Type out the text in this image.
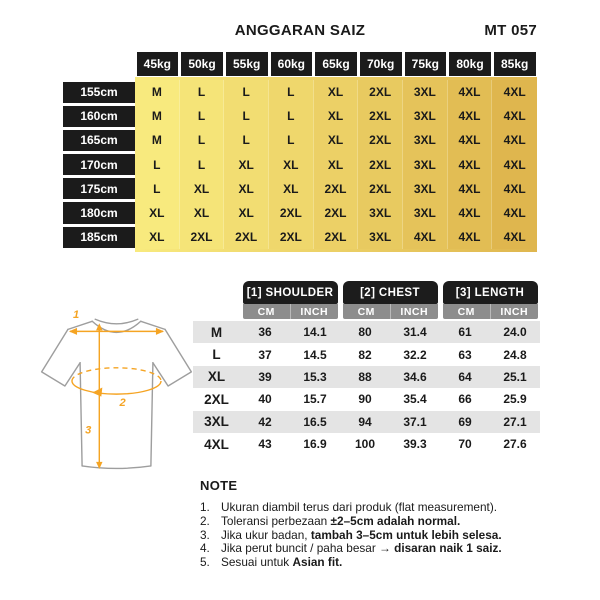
ANGGARAN SAIZ	MT 057
45kg	50kg	55kg	60kg	65kg	70kg	75kg	80kg	85kg
155cm	M	L	L	L	XL	2XL	3XL	4XL	4XL
160cm	M	L	L	L	XL	2XL	3XL	4XL	4XL
165cm	M	L	L	L	XL	2XL	3XL	4XL	4XL
170cm	L	L	XL	XL	XL	2XL	3XL	4XL	4XL
175cm	L	XL	XL	XL	2XL	2XL	3XL	4XL	4XL
180cm	XL	XL	XL	2XL	2XL	3XL	3XL	4XL	4XL
185cm	XL	2XL	2XL	2XL	2XL	3XL	4XL	4XL	4XL
1
2
3
[1] SHOULDER	[2] CHEST	[3] LENGTH
CM	INCH	CM	INCH	CM	INCH
M	36	14.1	80	31.4	61	24.0
L	37	14.5	82	32.2	63	24.8
XL	39	15.3	88	34.6	64	25.1
2XL	40	15.7	90	35.4	66	25.9
3XL	42	16.5	94	37.1	69	27.1
4XL	43	16.9	100	39.3	70	27.6
NOTE
1. Ukuran diambil terus dari produk (flat measurement).
2. Toleransi perbezaan ±2–5cm adalah normal.
3. Jika ukur badan, tambah 3–5cm untuk lebih selesa.
4. Jika perut buncit / paha besar → disaran naik 1 saiz.
5. Sesuai untuk Asian fit.
